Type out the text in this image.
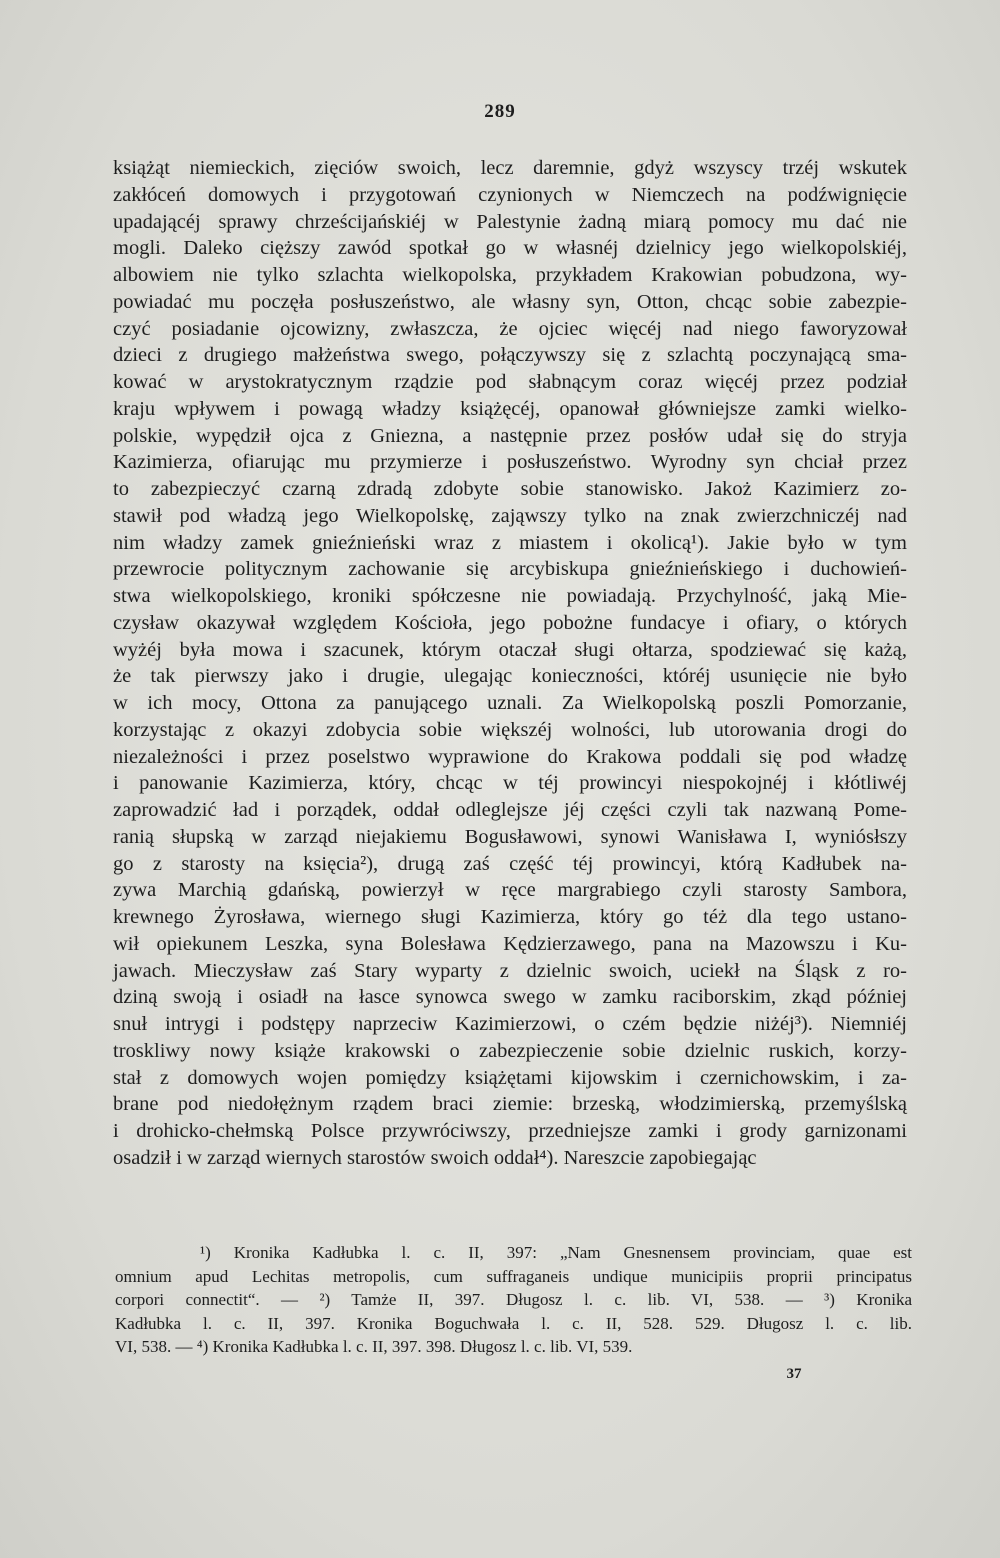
289
książąt niemieckich, zięciów swoich, lecz daremnie, gdyż wszyscy trzéj wskutek
zakłóceń domowych i przygotowań czynionych w Niemczech na podźwignięcie
upadającéj sprawy chrześcijańskiéj w Palestynie żadną miarą pomocy mu dać nie
mogli. Daleko cięższy zawód spotkał go w własnéj dzielnicy jego wielkopolskiéj,
albowiem nie tylko szlachta wielkopolska, przykładem Krakowian pobudzona, wy-
powiadać mu poczęła posłuszeństwo, ale własny syn, Otton, chcąc sobie zabezpie-
czyć posiadanie ojcowizny, zwłaszcza, że ojciec więcéj nad niego faworyzował
dzieci z drugiego małżeństwa swego, połączywszy się z szlachtą poczynającą sma-
kować w arystokratycznym rządzie pod słabnącym coraz więcéj przez podział
kraju wpływem i powagą władzy książęcéj, opanował główniejsze zamki wielko-
polskie, wypędził ojca z Gniezna, a następnie przez posłów udał się do stryja
Kazimierza, ofiarując mu przymierze i posłuszeństwo. Wyrodny syn chciał przez
to zabezpieczyć czarną zdradą zdobyte sobie stanowisko. Jakoż Kazimierz zo-
stawił pod władzą jego Wielkopolskę, zająwszy tylko na znak zwierzchniczéj nad
nim władzy zamek gnieźnieński wraz z miastem i okolicą¹). Jakie było w tym
przewrocie politycznym zachowanie się arcybiskupa gnieźnieńskiego i duchowień-
stwa wielkopolskiego, kroniki spółczesne nie powiadają. Przychylność, jaką Mie-
czysław okazywał względem Kościoła, jego pobożne fundacye i ofiary, o których
wyżéj była mowa i szacunek, którym otaczał sługi ołtarza, spodziewać się każą,
że tak pierwszy jako i drugie, ulegając konieczności, któréj usunięcie nie było
w ich mocy, Ottona za panującego uznali. Za Wielkopolską poszli Pomorzanie,
korzystając z okazyi zdobycia sobie większéj wolności, lub utorowania drogi do
niezależności i przez poselstwo wyprawione do Krakowa poddali się pod władzę
i panowanie Kazimierza, który, chcąc w téj prowincyi niespokojnéj i kłótliwéj
zaprowadzić ład i porządek, oddał odleglejsze jéj części czyli tak nazwaną Pome-
ranią słupską w zarząd niejakiemu Bogusławowi, synowi Wanisława I, wyniósłszy
go z starosty na księcia²), drugą zaś część téj prowincyi, którą Kadłubek na-
zywa Marchią gdańską, powierzył w ręce margrabiego czyli starosty Sambora,
krewnego Żyrosława, wiernego sługi Kazimierza, który go téż dla tego ustano-
wił opiekunem Leszka, syna Bolesława Kędzierzawego, pana na Mazowszu i Ku-
jawach. Mieczysław zaś Stary wyparty z dzielnic swoich, uciekł na Śląsk z ro-
dziną swoją i osiadł na łasce synowca swego w zamku raciborskim, zkąd później
snuł intrygi i podstępy naprzeciw Kazimierzowi, o czém będzie niżéj³). Niemniéj
troskliwy nowy książe krakowski o zabezpieczenie sobie dzielnic ruskich, korzy-
stał z domowych wojen pomiędzy książętami kijowskim i czernichowskim, i za-
brane pod niedołężnym rządem braci ziemie: brzeską, włodzimierską, przemyślską
i drohicko-chełmską Polsce przywróciwszy, przedniejsze zamki i grody garnizonami
osadził i w zarząd wiernych starostów swoich oddał⁴). Nareszcie zapobiegając
¹) Kronika Kadłubka l. c. II, 397: „Nam Gnesnensem provinciam, quae est
omnium apud Lechitas metropolis, cum suffraganeis undique municipiis proprii principatus
corpori connectit“. — ²) Tamże II, 397. Długosz l. c. lib. VI, 538. — ³) Kronika
Kadłubka l. c. II, 397. Kronika Boguchwała l. c. II, 528. 529. Długosz l. c. lib.
VI, 538. — ⁴) Kronika Kadłubka l. c. II, 397. 398. Długosz l. c. lib. VI, 539.
37
